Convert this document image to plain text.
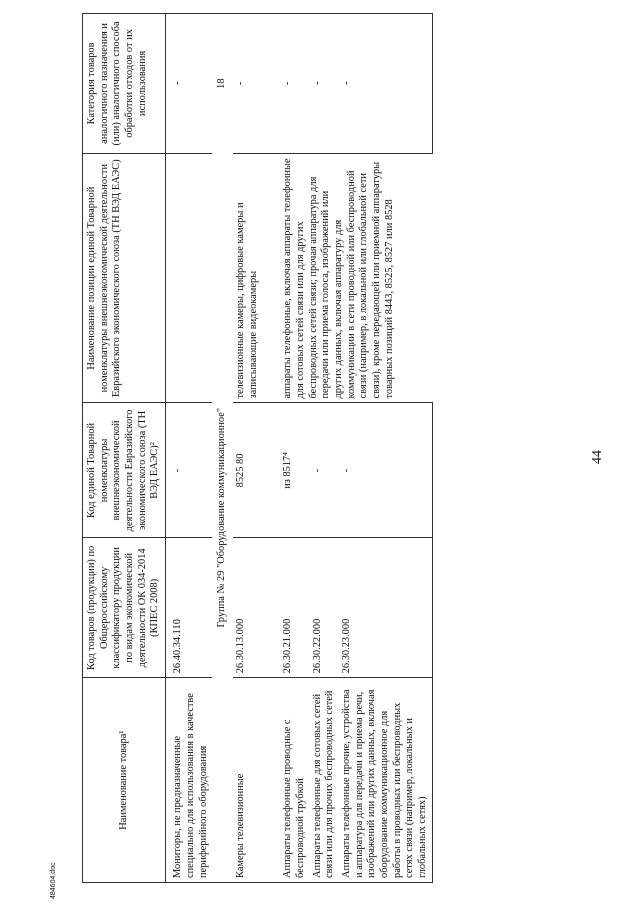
484604.doc
Наименование товара¹	Код товаров (продукции) по Общероссийскому классификатору продукции по видам экономической деятельности ОК 034-2014 (КПЕС 2008)	Код единой Товарной номенклатуры внешнеэкономической деятельности Евразийского экономического союза (ТН ВЭД ЕАЭС)²	Наименование позиции единой Товарной номенклатуры внешнеэкономической деятельности Евразийского экономического союза (ТН ВЭД ЕАЭС)	Категория товаров аналогичного назначения и (или) аналогичного способа обработки отходов от их использования
Мониторы, не предназначенные специально для использования в качестве периферийного оборудования	26.40.34.110	-		-
Группа № 29 "Оборудование коммуникационное"				18
Камеры телевизионные	26.30.13.000	8525 80	телевизионные камеры, цифровые камеры и записывающие видеокамеры	-

Аппараты телефонные проводные с беспроводной трубкой	26.30.21.000	из 8517⁴	аппараты телефонные, включая аппараты телефонные для сотовых сетей связи или для других беспроводных сетей связи; прочая аппаратура для передачи или приема голоса, изображений или других данных, включая аппаратуру для коммуникации в сети проводной или беспроводной связи (например, в локальной или глобальной сети связи), кроме передающей или приемной аппаратуры товарных позиций 8443, 8525, 8527 или 8528	-
Аппараты телефонные для сотовых сетей связи или для прочих беспроводных сетей	26.30.22.000	-		-
Аппараты телефонные прочие, устройства и аппаратура для передачи и приема речи, изображений или других данных, включая оборудование коммуникационное для работы в проводных или беспроводных сетях связи (например, локальных и глобальных сетях)	26.30.23.000	-		-
44
